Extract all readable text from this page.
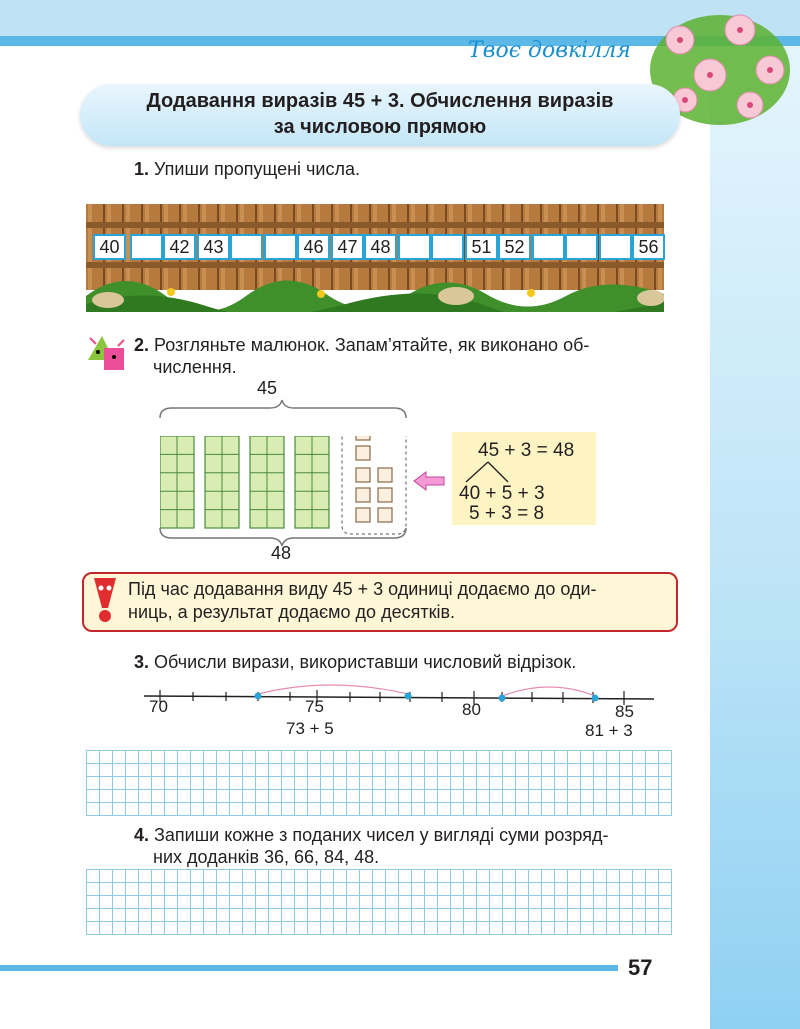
Твоє довкілля
Додавання виразів 45 + 3. Обчислення виразів
за числовою прямою
1. Упиши пропущені числа.
40	42 43	46 47 48	51 52	56
2. Розгляньте малюнок. Запам’ятайте, як виконано об-
числення.
45
48
45 + 3 = 48
40 + 5 + 3
5 + 3 = 8
Під час додавання виду 45 + 3 одиниці додаємо до оди-
ниць, а результат додаємо до десятків.
3. Обчисли вирази, використавши числовий відрізок.
70	75	80	85
73 + 5	81 + 3
4. Запиши кожне з поданих чисел у вигляді суми розряд-
них доданків 36, 66, 84, 48.
57
